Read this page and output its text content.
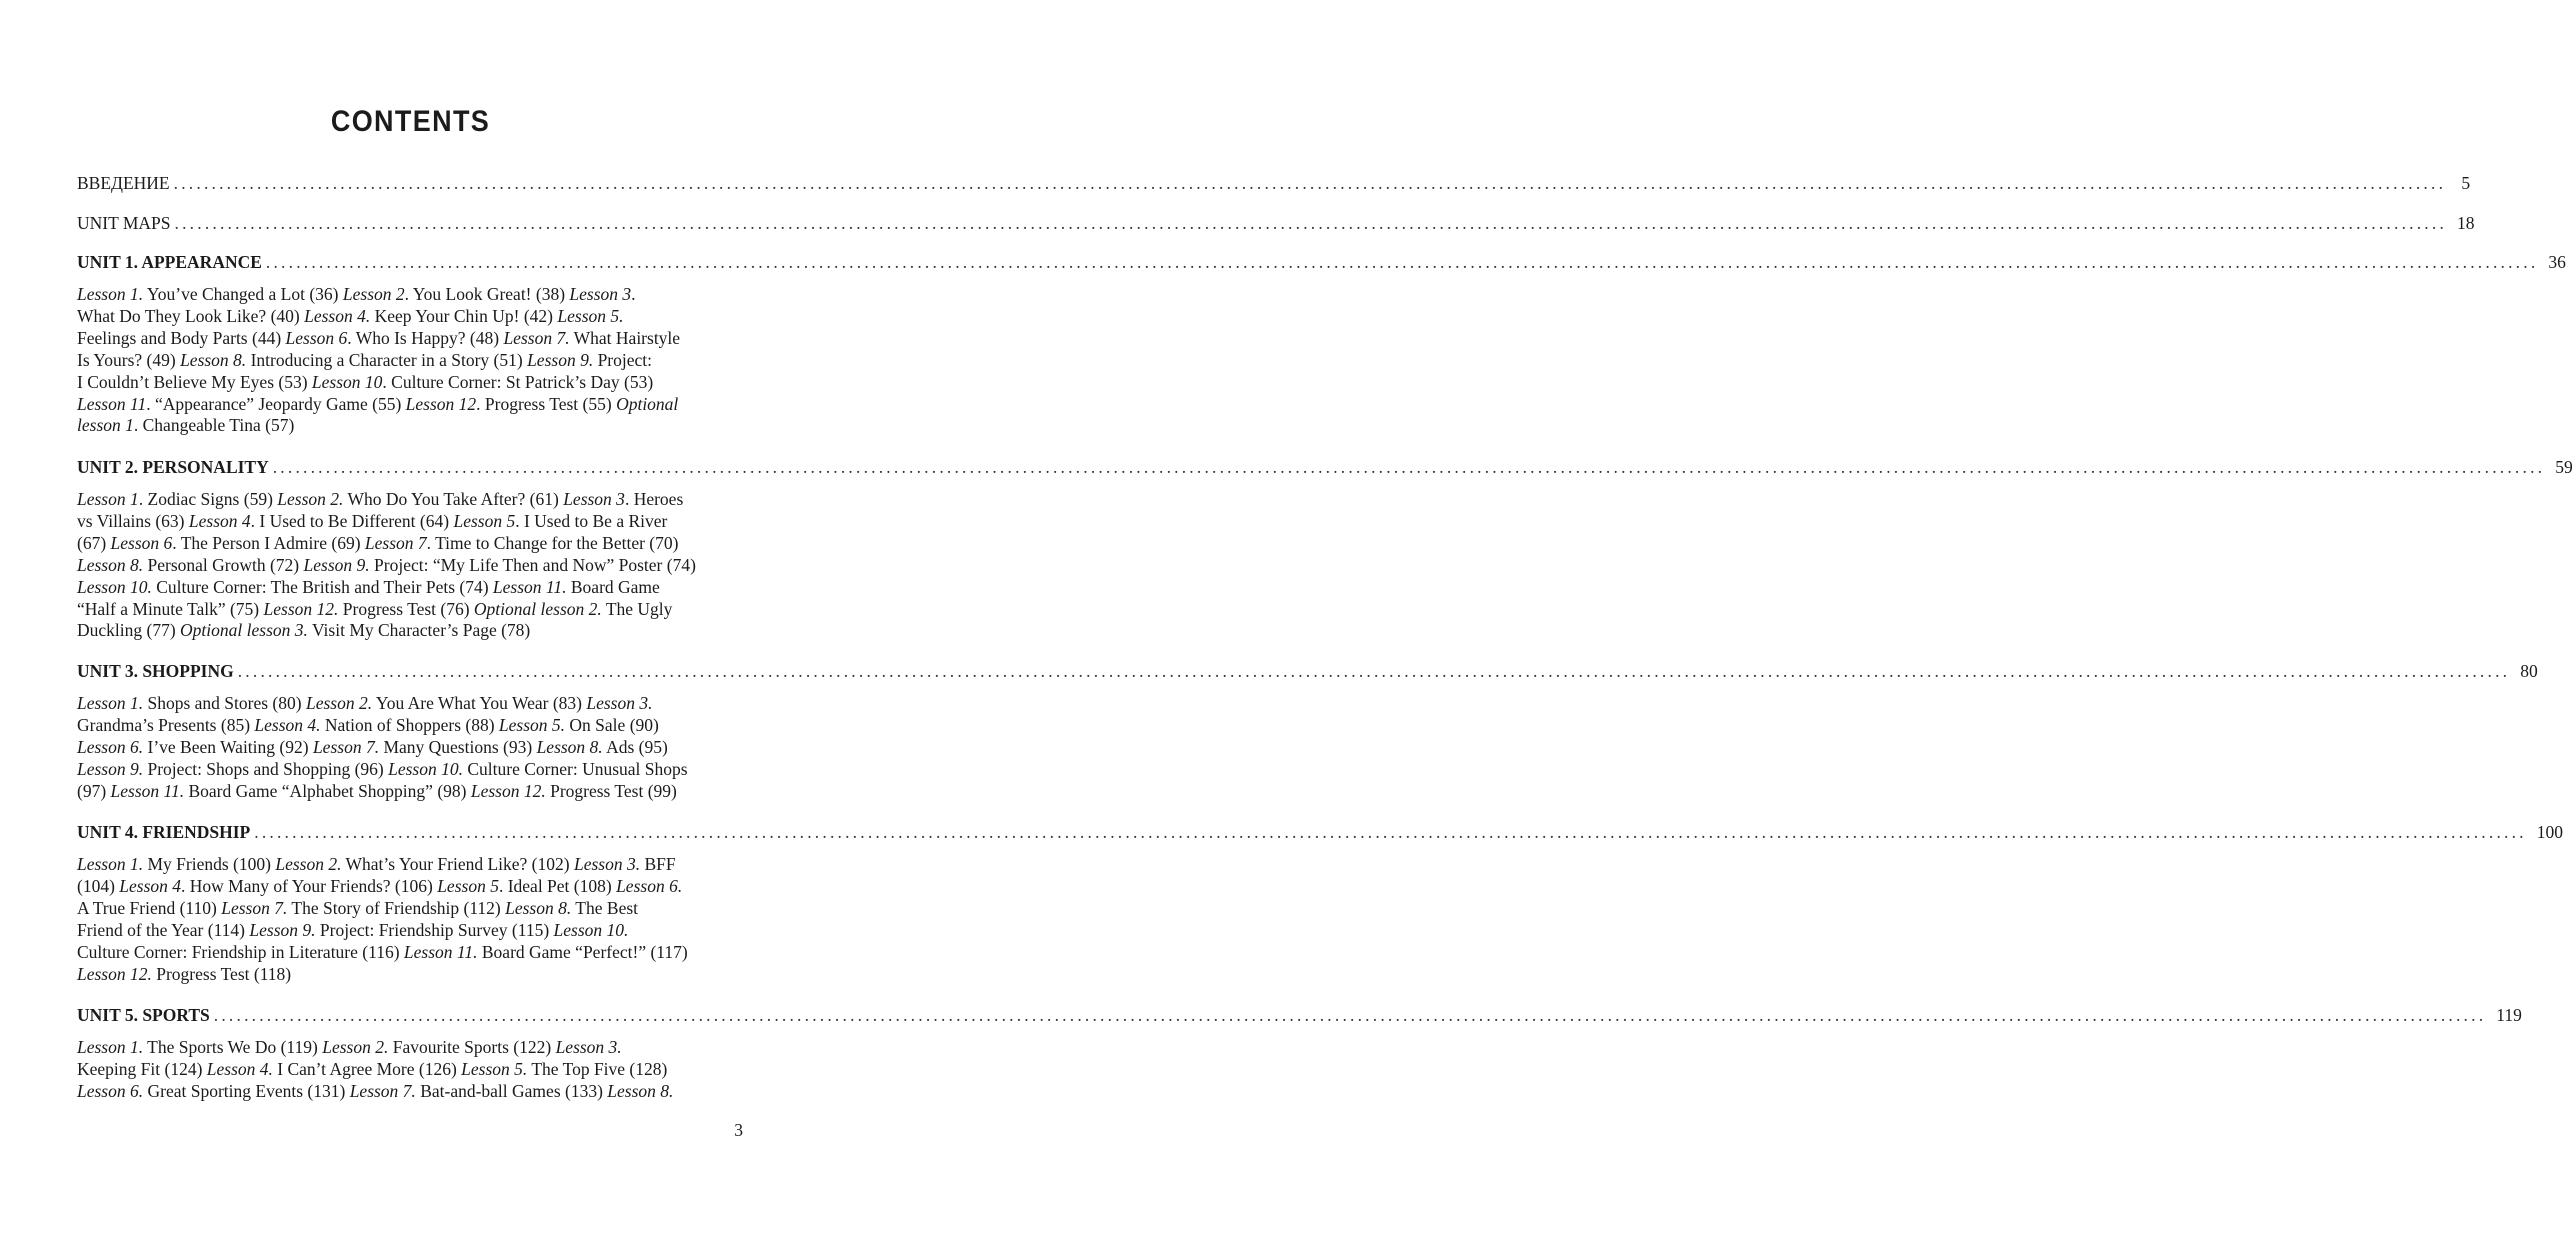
CONTENTS
ВВЕДЕНИЕ ............................................................................................................................................................................................................................................................................................................ 5
UNIT MAPS ............................................................................................................................................................................................................................................................................................................ 18
UNIT 1. APPEARANCE ............................................................................................................................................................................................................................................................................................................ 36

Lesson 1. You’ve Changed a Lot (36) Lesson 2. You Look Great! (38) Lesson 3.

What Do They Look Like? (40) Lesson 4. Keep Your Chin Up! (42) Lesson 5.

Feelings and Body Parts (44) Lesson 6. Who Is Happy? (48) Lesson 7. What Hairstyle

Is Yours? (49) Lesson 8. Introducing a Character in a Story (51) Lesson 9. Project:

I Couldn’t Believe My Eyes (53) Lesson 10. Culture Corner: St Patrick’s Day (53)

Lesson 11. “Appearance” Jeopardy Game (55) Lesson 12. Progress Test (55) Optional

lesson 1. Changeable Tina (57)

UNIT 2. PERSONALITY ............................................................................................................................................................................................................................................................................................................ 59

Lesson 1. Zodiac Signs (59) Lesson 2. Who Do You Take After? (61) Lesson 3. Heroes

vs Villains (63) Lesson 4. I Used to Be Different (64) Lesson 5. I Used to Be a River

(67) Lesson 6. The Person I Admire (69) Lesson 7. Time to Change for the Better (70)

Lesson 8. Personal Growth (72) Lesson 9. Project: “My Life Then and Now” Poster (74)

Lesson 10. Culture Corner: The British and Their Pets (74) Lesson 11. Board Game

“Half a Minute Talk” (75) Lesson 12. Progress Test (76) Optional lesson 2. The Ugly

Duckling (77) Optional lesson 3. Visit My Character’s Page (78)

UNIT 3. SHOPPING ............................................................................................................................................................................................................................................................................................................ 80

Lesson 1. Shops and Stores (80) Lesson 2. You Are What You Wear (83) Lesson 3.

Grandma’s Presents (85) Lesson 4. Nation of Shoppers (88) Lesson 5. On Sale (90)

Lesson 6. I’ve Been Waiting (92) Lesson 7. Many Questions (93) Lesson 8. Ads (95)

Lesson 9. Project: Shops and Shopping (96) Lesson 10. Culture Corner: Unusual Shops

(97) Lesson 11. Board Game “Alphabet Shopping” (98) Lesson 12. Progress Test (99)

UNIT 4. FRIENDSHIP ............................................................................................................................................................................................................................................................................................................ 100

Lesson 1. My Friends (100) Lesson 2. What’s Your Friend Like? (102) Lesson 3. BFF

(104) Lesson 4. How Many of Your Friends? (106) Lesson 5. Ideal Pet (108) Lesson 6.

A True Friend (110) Lesson 7. The Story of Friendship (112) Lesson 8. The Best

Friend of the Year (114) Lesson 9. Project: Friendship Survey (115) Lesson 10.

Culture Corner: Friendship in Literature (116) Lesson 11. Board Game “Perfect!” (117)

Lesson 12. Progress Test (118)

UNIT 5. SPORTS ............................................................................................................................................................................................................................................................................................................ 119

Lesson 1. The Sports We Do (119) Lesson 2. Favourite Sports (122) Lesson 3.

Keeping Fit (124) Lesson 4. I Can’t Agree More (126) Lesson 5. The Top Five (128)

Lesson 6. Great Sporting Events (131) Lesson 7. Bat-and-ball Games (133) Lesson 8.

3
